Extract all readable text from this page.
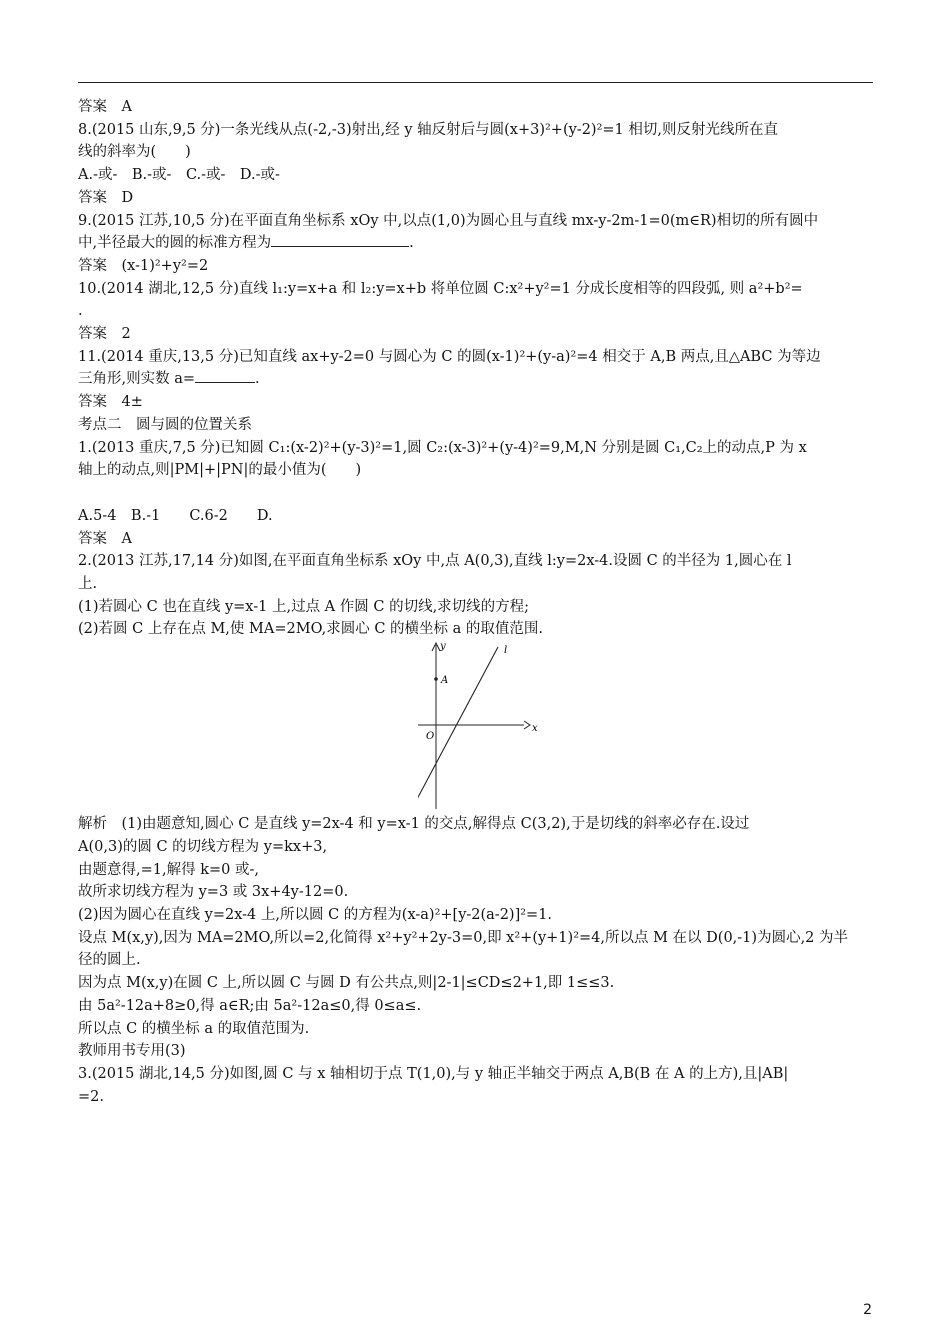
答案　A
8.(2015 山东,9,5 分)一条光线从点(-2,-3)射出,经 y 轴反射后与圆(x+3)²+(y-2)²=1 相切,则反射光线所在直
线的斜率为(　　)
A.-或-　B.-或-　C.-或-　D.-或-
答案　D
9.(2015 江苏,10,5 分)在平面直角坐标系 xOy 中,以点(1,0)为圆心且与直线 mx-y-2m-1=0(m∈R)相切的所有圆中
中,半径最大的圆的标准方程为	.
答案　(x-1)²+y²=2
10.(2014 湖北,12,5 分)直线 l₁:y=x+a 和 l₂:y=x+b 将单位圆 C:x²+y²=1 分成长度相等的四段弧, 则 a²+b²=
.
答案　2
11.(2014 重庆,13,5 分)已知直线 ax+y-2=0 与圆心为 C 的圆(x-1)²+(y-a)²=4 相交于 A,B 两点,且△ABC 为等边
三角形,则实数 a=	.
答案　4±
考点二　圆与圆的位置关系
1.(2013 重庆,7,5 分)已知圆 C₁:(x-2)²+(y-3)²=1,圆 C₂:(x-3)²+(y-4)²=9,M,N 分别是圆 C₁,C₂上的动点,P 为 x
轴上的动点,则|PM|+|PN|的最小值为(　　)
A.5-4　B.-1　　C.6-2　　D.
答案　A
2.(2013 江苏,17,14 分)如图,在平面直角坐标系 xOy 中,点 A(0,3),直线 l:y=2x-4.设圆 C 的半径为 1,圆心在 l
上.
(1)若圆心 C 也在直线 y=x-1 上,过点 A 作圆 C 的切线,求切线的方程;
(2)若圆 C 上存在点 M,使 MA=2MO,求圆心 C 的横坐标 a 的取值范围.
y
x
O
A
l
解析　(1)由题意知,圆心 C 是直线 y=2x-4 和 y=x-1 的交点,解得点 C(3,2),于是切线的斜率必存在.设过
A(0,3)的圆 C 的切线方程为 y=kx+3,
由题意得,=1,解得 k=0 或-,
故所求切线方程为 y=3 或 3x+4y-12=0.
(2)因为圆心在直线 y=2x-4 上,所以圆 C 的方程为(x-a)²+[y-2(a-2)]²=1.
设点 M(x,y),因为 MA=2MO,所以=2,化简得 x²+y²+2y-3=0,即 x²+(y+1)²=4,所以点 M 在以 D(0,-1)为圆心,2 为半
径的圆上.
因为点 M(x,y)在圆 C 上,所以圆 C 与圆 D 有公共点,则|2-1|≤CD≤2+1,即 1≤≤3.
由 5a²-12a+8≥0,得 a∈R;由 5a²-12a≤0,得 0≤a≤.
所以点 C 的横坐标 a 的取值范围为.
教师用书专用(3)
3.(2015 湖北,14,5 分)如图,圆 C 与 x 轴相切于点 T(1,0),与 y 轴正半轴交于两点 A,B(B 在 A 的上方),且|AB|
=2.
2
